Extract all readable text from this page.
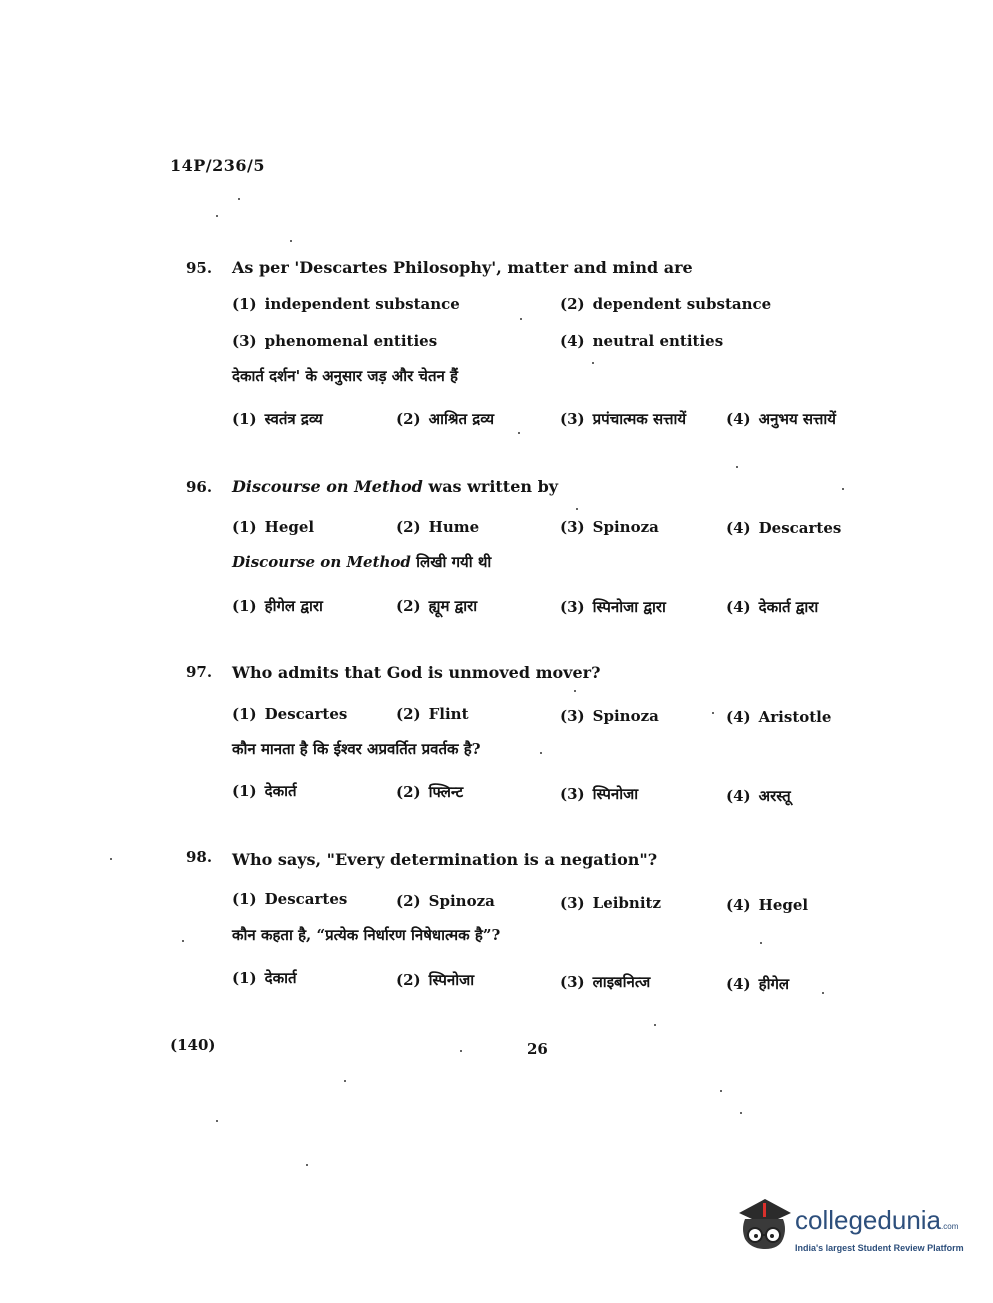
14P/236/5
95. As per 'Descartes Philosophy', matter and mind are
(1) independent substance	(2) dependent substance
(3) phenomenal entities	(4) neutral entities
देकार्त दर्शन' के अनुसार जड़ और चेतन हैं
(1) स्वतंत्र द्रव्य	(2) आश्रित द्रव्य	(3) प्रपंचात्मक सत्तायें	(4) अनुभय सत्तायें
96. Discourse on Method was written by
(1) Hegel	(2) Hume	(3) Spinoza	(4) Descartes
Discourse on Method लिखी गयी थी
(1) हीगेल द्वारा	(2) ह्यूम द्वारा	(3) स्पिनोजा द्वारा	(4) देकार्त द्वारा
97. Who admits that God is unmoved mover?
(1) Descartes	(2) Flint	(3) Spinoza	(4) Aristotle
कौन मानता है कि ईश्वर अप्रवर्तित प्रवर्तक है?
(1) देकार्त	(2) फ्लिन्ट	(3) स्पिनोजा	(4) अरस्तू
98. Who says, "Every determination is a negation"?
(1) Descartes	(2) Spinoza	(3) Leibnitz	(4) Hegel
कौन कहता है, “प्रत्येक निर्धारण निषेधात्मक है”?
(1) देकार्त	(2) स्पिनोजा	(3) लाइबनित्ज	(4) हीगेल
(140)	26
collegedunia.com
India's largest Student Review Platform
